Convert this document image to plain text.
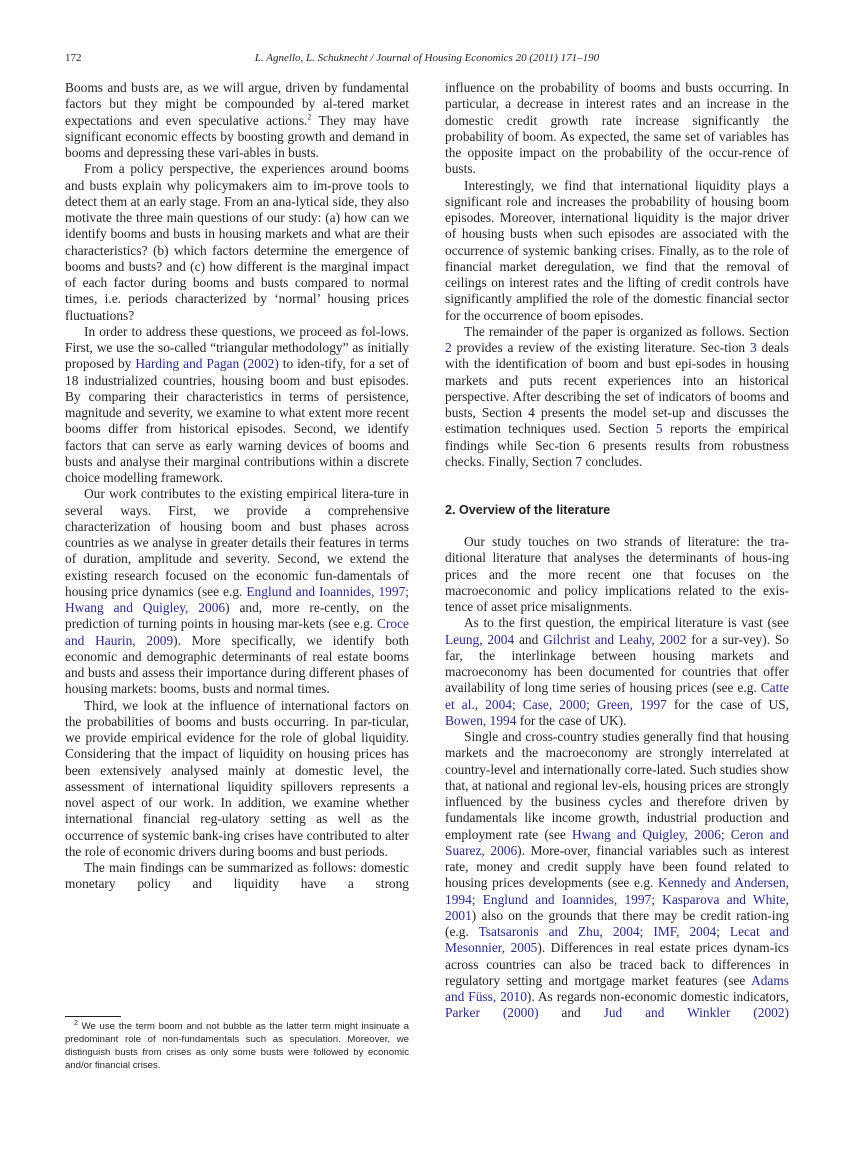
172	L. Agnello, L. Schuknecht / Journal of Housing Economics 20 (2011) 171–190

Booms and busts are, as we will argue, driven by fundamental factors but they might be compounded by al-tered market expectations and even speculative actions.$^2$ They may have significant economic effects by boosting growth and demand in booms and depressing these vari-ables in busts.

From a policy perspective, the experiences around booms and busts explain why policymakers aim to im-prove tools to detect them at an early stage. From an ana-lytical side, they also motivate the three main questions of our study: (a) how can we identify booms and busts in housing markets and what are their characteristics? (b) which factors determine the emergence of booms and busts? and (c) how different is the marginal impact of each factor during booms and busts compared to normal times, i.e. periods characterized by ‘normal’ housing prices fluctuations?

In order to address these questions, we proceed as fol-lows. First, we use the so-called “triangular methodology” as initially proposed by Harding and Pagan (2002) to iden-tify, for a set of 18 industrialized countries, housing boom and bust episodes. By comparing their characteristics in terms of persistence, magnitude and severity, we examine to what extent more recent booms differ from historical episodes. Second, we identify factors that can serve as early warning devices of booms and busts and analyse their marginal contributions within a discrete choice modelling framework.

Our work contributes to the existing empirical litera-ture in several ways. First, we provide a comprehensive characterization of housing boom and bust phases across countries as we analyse in greater details their features in terms of duration, amplitude and severity. Second, we extend the existing research focused on the economic fun-damentals of housing price dynamics (see e.g. Englund and Ioannides, 1997; Hwang and Quigley, 2006) and, more re-cently, on the prediction of turning points in housing mar-kets (see e.g. Croce and Haurin, 2009). More specifically, we identify both economic and demographic determinants of real estate booms and busts and assess their importance during different phases of housing markets: booms, busts and normal times.

Third, we look at the influence of international factors on the probabilities of booms and busts occurring. In par-ticular, we provide empirical evidence for the role of global liquidity. Considering that the impact of liquidity on housing prices has been extensively analysed mainly at domestic level, the assessment of international liquidity spillovers represents a novel aspect of our work. In addition, we examine whether international financial reg-ulatory setting as well as the occurrence of systemic bank-ing crises have contributed to alter the role of economic drivers during booms and bust periods.

The main findings can be summarized as follows: domestic monetary policy and liquidity have a strong

$^2$ We use the term boom and not bubble as the latter term might insinuate a predominant role of non-fundamentals such as speculation. Moreover, we distinguish busts from crises as only some busts were followed by economic and/or financial crises.

influence on the probability of booms and busts occurring. In particular, a decrease in interest rates and an increase in the domestic credit growth rate increase significantly the probability of boom. As expected, the same set of variables has the opposite impact on the probability of the occur-rence of busts.

Interestingly, we find that international liquidity plays a significant role and increases the probability of housing boom episodes. Moreover, international liquidity is the major driver of housing busts when such episodes are associated with the occurrence of systemic banking crises. Finally, as to the role of financial market deregulation, we find that the removal of ceilings on interest rates and the lifting of credit controls have significantly amplified the role of the domestic financial sector for the occurrence of boom episodes.

The remainder of the paper is organized as follows. Section 2 provides a review of the existing literature. Sec-tion 3 deals with the identification of boom and bust epi-sodes in housing markets and puts recent experiences into an historical perspective. After describing the set of indicators of booms and busts, Section 4 presents the model set-up and discusses the estimation techniques used. Section 5 reports the empirical findings while Sec-tion 6 presents results from robustness checks. Finally, Section 7 concludes.

2. Overview of the literature

Our study touches on two strands of literature: the tra-ditional literature that analyses the determinants of hous-ing prices and the more recent one that focuses on the macroeconomic and policy implications related to the exis-tence of asset price misalignments.

As to the first question, the empirical literature is vast (see Leung, 2004 and Gilchrist and Leahy, 2002 for a sur-vey). So far, the interlinkage between housing markets and macroeconomy has been documented for countries that offer availability of long time series of housing prices (see e.g. Catte et al., 2004; Case, 2000; Green, 1997 for the case of US, Bowen, 1994 for the case of UK).

Single and cross-country studies generally find that housing markets and the macroeconomy are strongly interrelated at country-level and internationally corre-lated. Such studies show that, at national and regional lev-els, housing prices are strongly influenced by the business cycles and therefore driven by fundamentals like income growth, industrial production and employment rate (see Hwang and Quigley, 2006; Ceron and Suarez, 2006). More-over, financial variables such as interest rate, money and credit supply have been found related to housing prices developments (see e.g. Kennedy and Andersen, 1994; Englund and Ioannides, 1997; Kasparova and White, 2001) also on the grounds that there may be credit ration-ing (e.g. Tsatsaronis and Zhu, 2004; IMF, 2004; Lecat and Mesonnier, 2005). Differences in real estate prices dynam-ics across countries can also be traced back to differences in regulatory setting and mortgage market features (see Adams and Füss, 2010). As regards non-economic domestic indicators, Parker (2000) and Jud and Winkler (2002)
